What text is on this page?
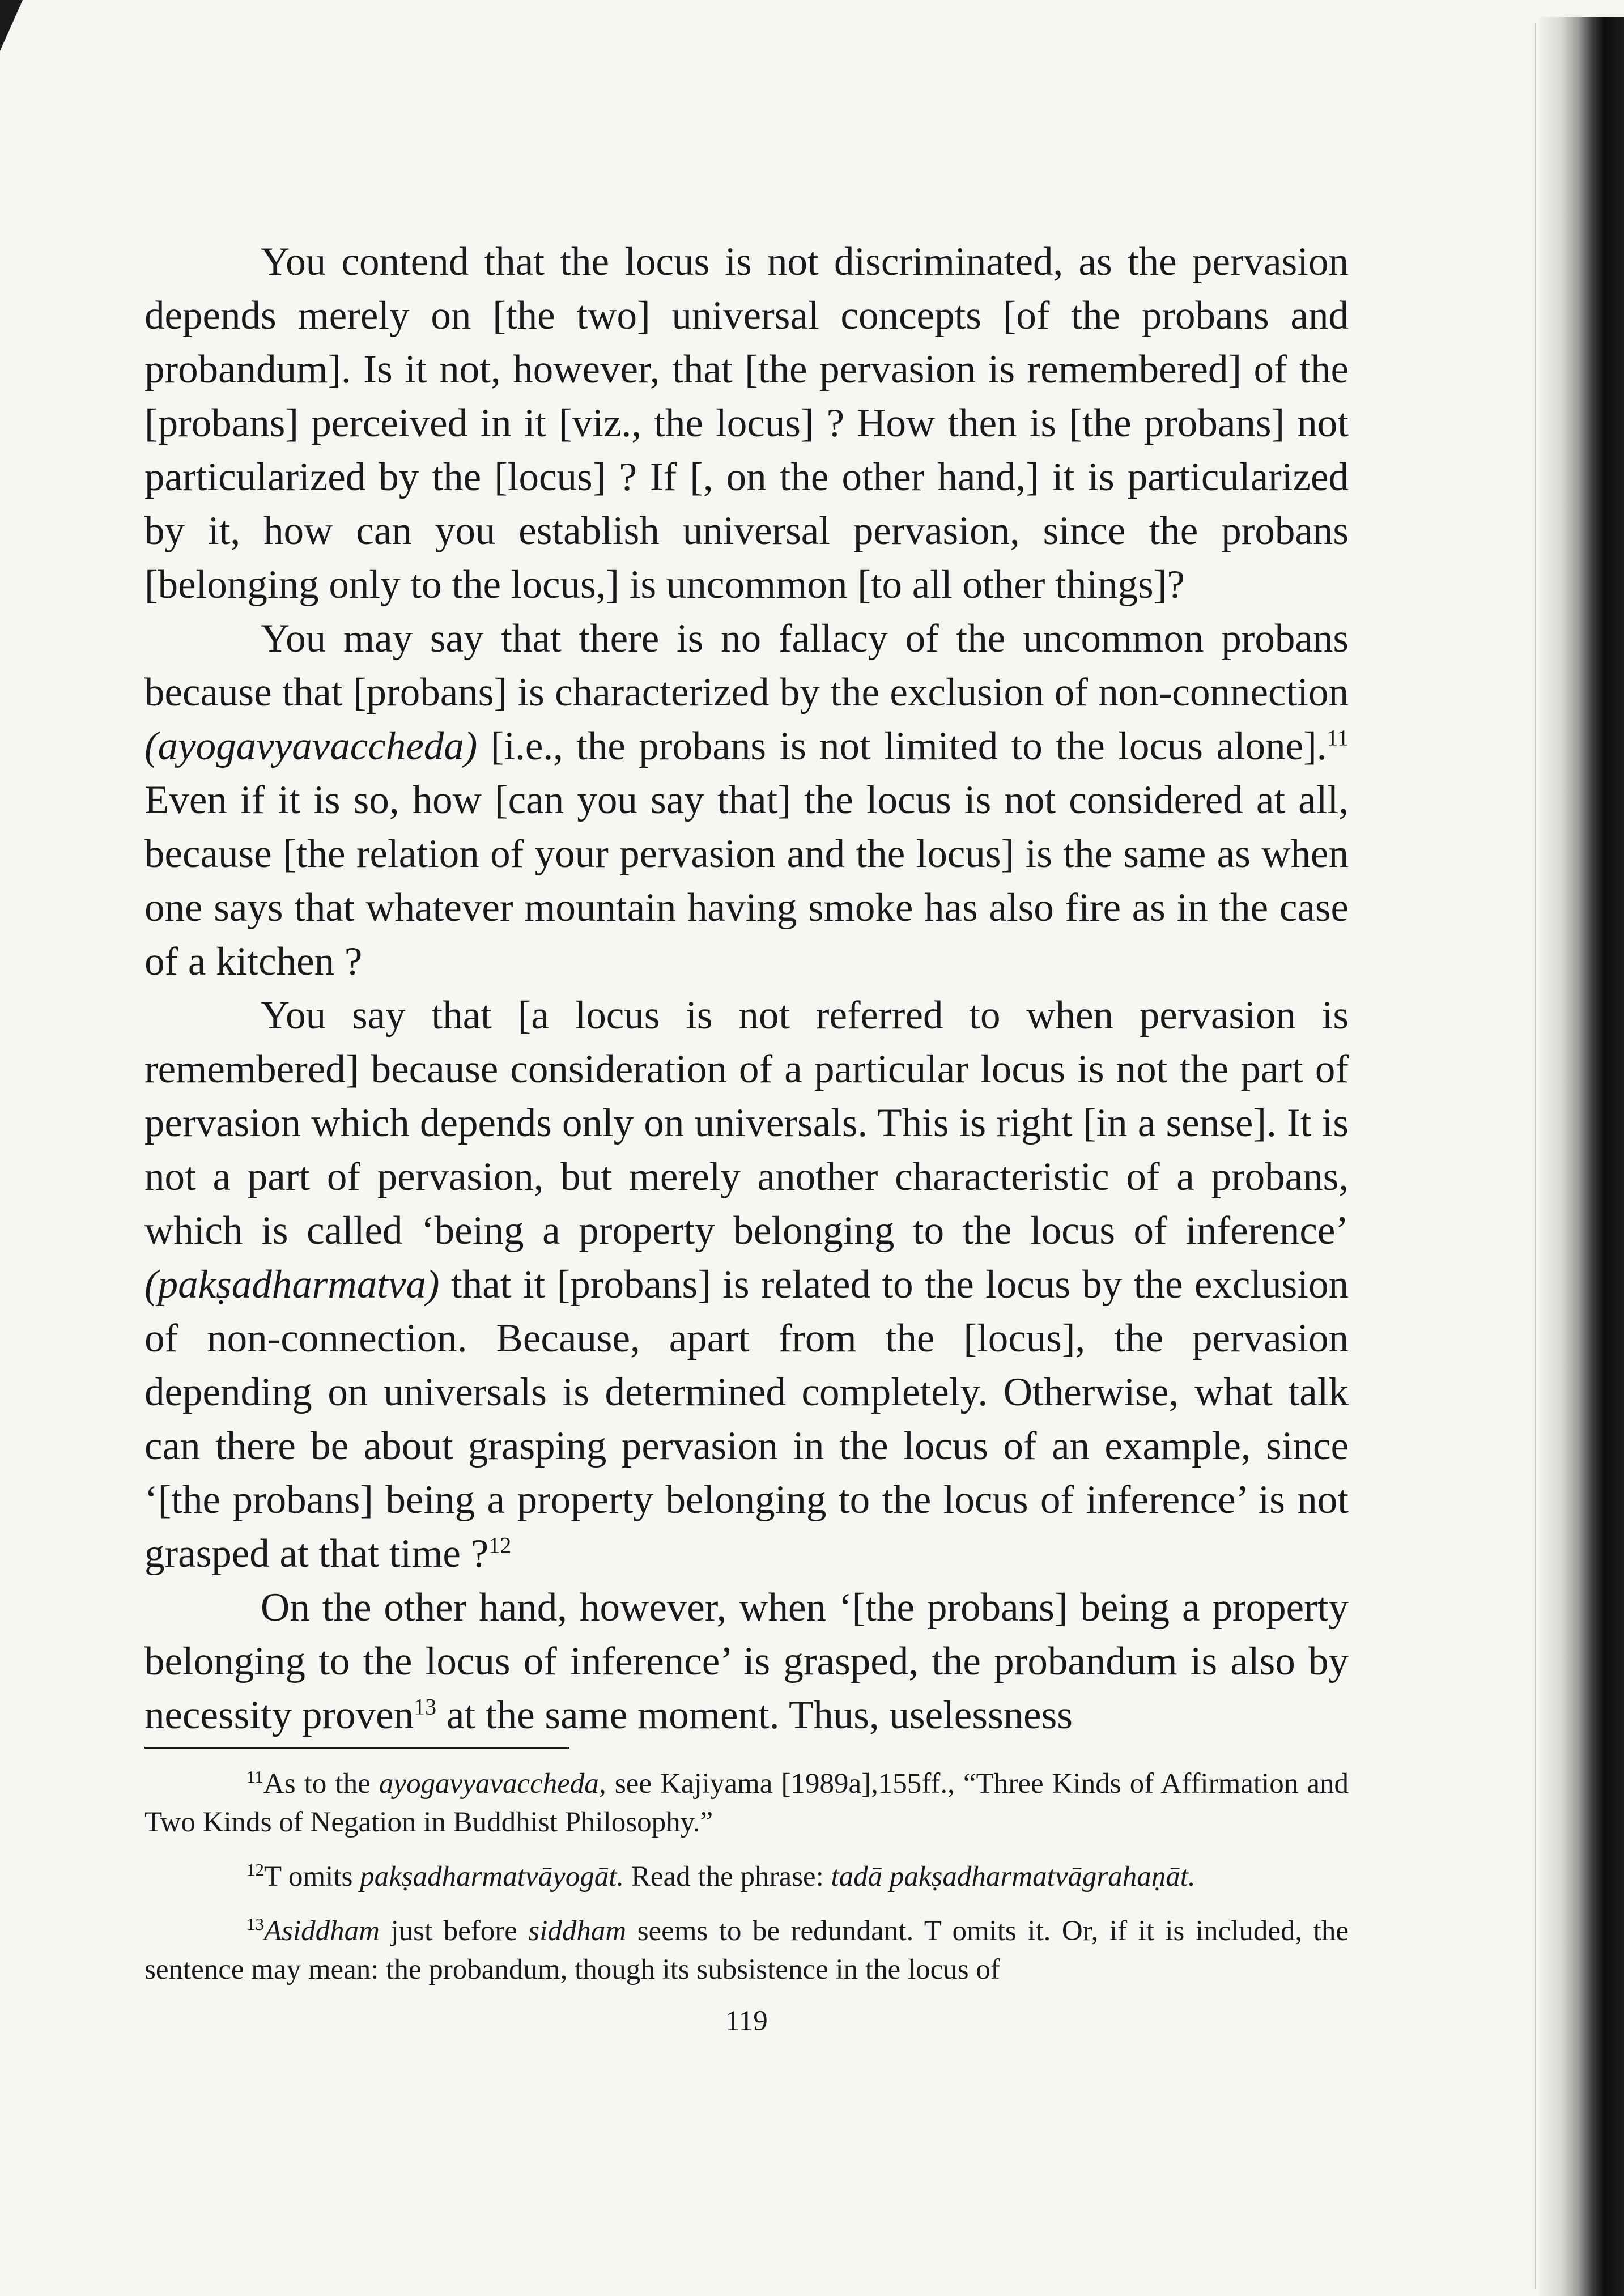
You contend that the locus is not discriminated, as the pervasion depends merely on [the two] universal concepts [of the probans and probandum]. Is it not, however, that [the pervasion is remembered] of the [probans] perceived in it [viz., the locus] ? How then is [the probans] not particularized by the [locus] ? If [, on the other hand,] it is particularized by it, how can you establish universal pervasion, since the probans [belonging only to the locus,] is uncommon [to all other things]?

You may say that there is no fallacy of the uncommon probans because that [probans] is characterized by the exclusion of non-connection (ayogavyavaccheda) [i.e., the probans is not limited to the locus alone].$^{11}$ Even if it is so, how [can you say that] the locus is not considered at all, because [the relation of your pervasion and the locus] is the same as when one says that whatever mountain having smoke has also fire as in the case of a kitchen ?

You say that [a locus is not referred to when pervasion is remembered] because consideration of a particular locus is not the part of pervasion which depends only on universals. This is right [in a sense]. It is not a part of pervasion, but merely another characteristic of a probans, which is called ‘being a property belonging to the locus of inference’ (pakṣadharmatva) that it [probans] is related to the locus by the exclusion of non-connection. Because, apart from the [locus], the pervasion depending on universals is determined completely. Otherwise, what talk can there be about grasping pervasion in the locus of an example, since ‘[the probans] being a property belonging to the locus of inference’ is not grasped at that time ?$^{12}$

On the other hand, however, when ‘[the probans] being a property belonging to the locus of inference’ is grasped, the probandum is also by necessity proven$^{13}$ at the same moment. Thus, uselessness

$^{11}$As to the ayogavyavaccheda, see Kajiyama [1989a],155ff., “Three Kinds of Affirmation and Two Kinds of Negation in Buddhist Philosophy.”

$^{12}$T omits pakṣadharmatvāyogāt. Read the phrase: tadā pakṣadharmatvāgrahaṇāt.

$^{13}$Asiddham just before siddham seems to be redundant. T omits it. Or, if it is included, the sentence may mean: the probandum, though its subsistence in the locus of

119
